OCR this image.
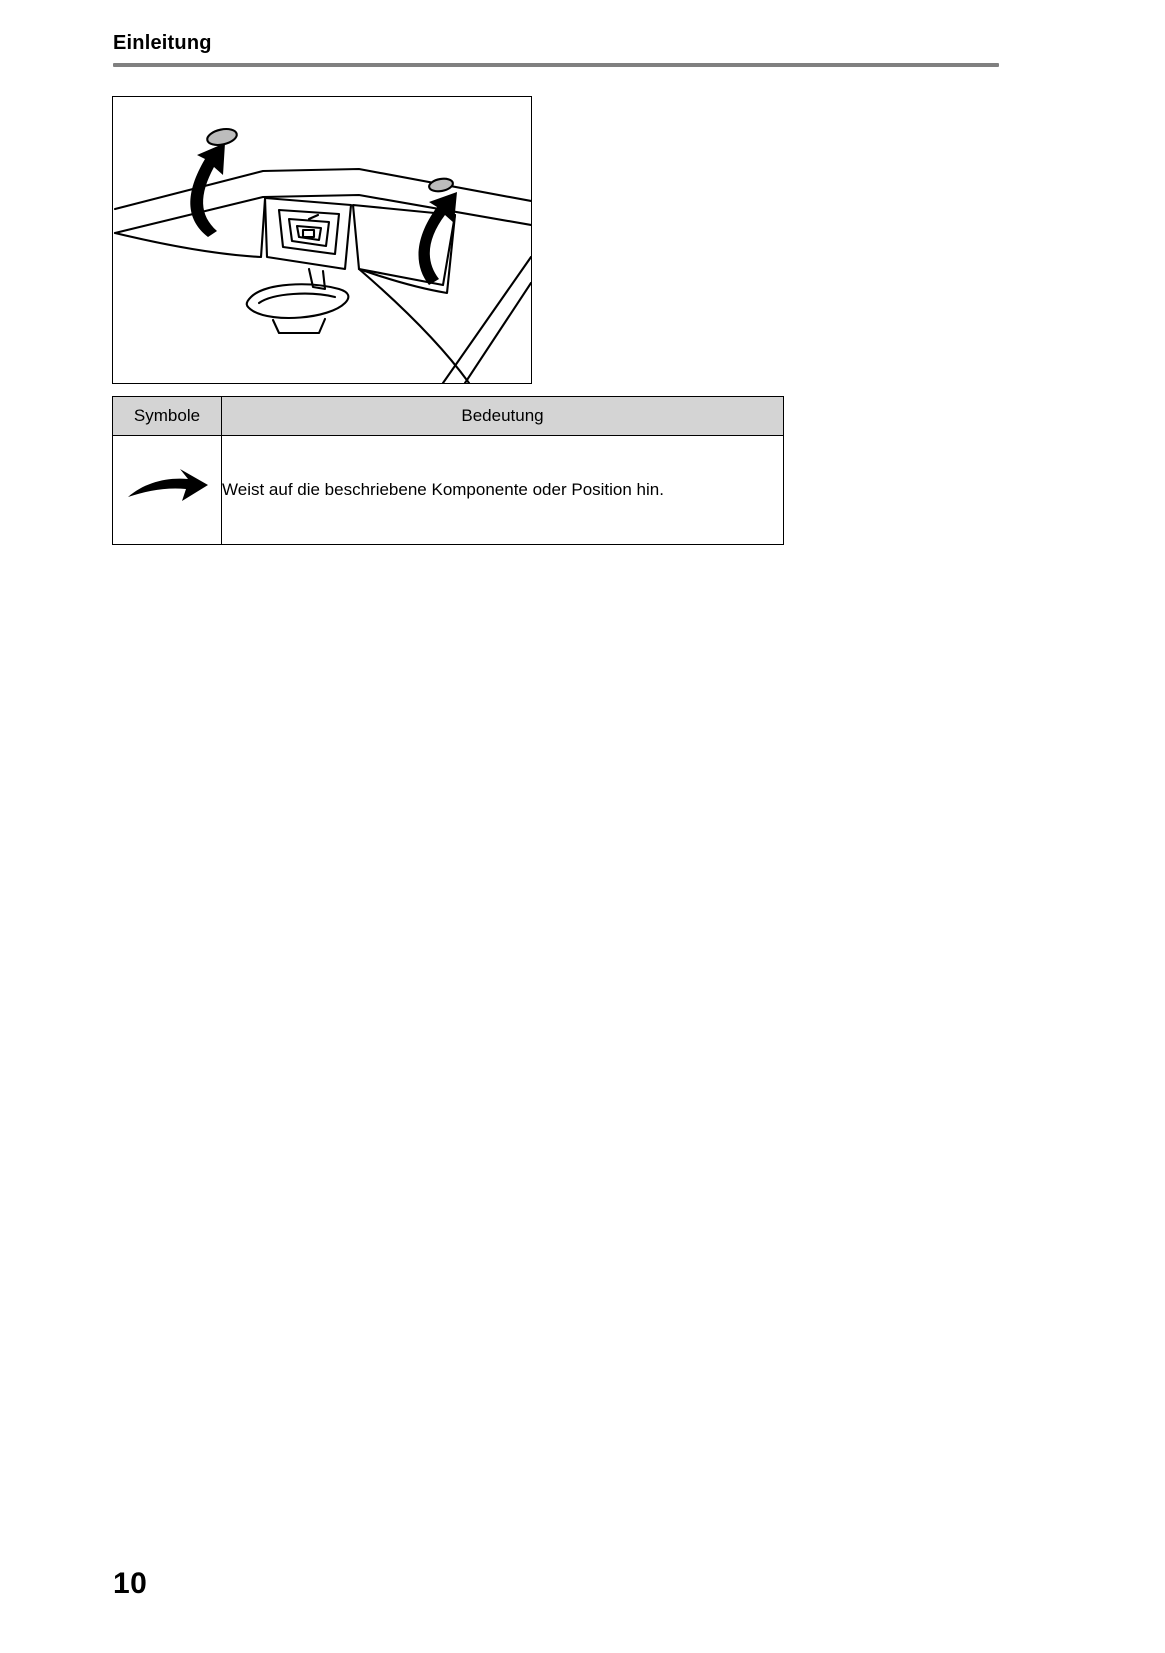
Einleitung
Symbole	Bedeutung

	Weist auf die beschriebene Komponente oder Position hin.
10
